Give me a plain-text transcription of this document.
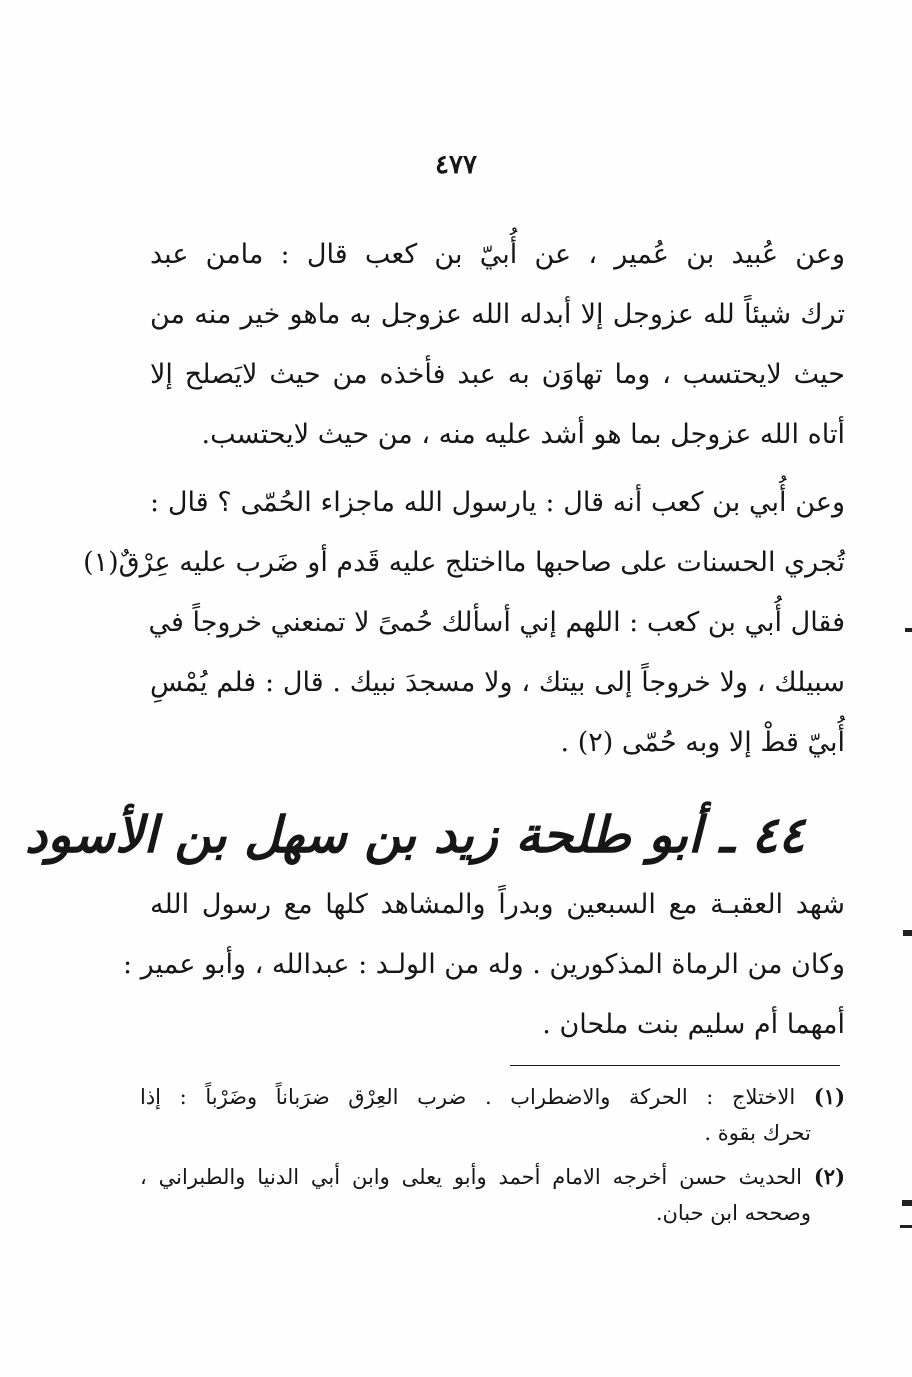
٤٧٧
وعن عُبيد بن عُمير ، عن أُبيّ بن كعب قال : مامن عبد
ترك شيئاً لله عزوجل إلا أبدله الله عزوجل به ماهو خير منه من
حيث لايحتسب ، وما تهاوَن به عبد فأخذه من حيث لايَصلح إلا
أتاه الله عزوجل بما هو أشد عليه منه ، من حيث لايحتسب.
وعن أُبي بن كعب أنه قال : يارسول الله ماجزاء الحُمّى ؟ قال :
تُجري الحسنات على صاحبها مااختلج عليه قَدم أو ضَرب عليه عِرْقٌ(١)
فقال أُبي بن كعب : اللهم إني أسألك حُمىً لا تمنعني خروجاً في
سبيلك ، ولا خروجاً إلى بيتك ، ولا مسجدَ نبيك . قال : فلم يُمْسِ
أُبيّ قطْ إلا وبه حُمّى (٢) .
٤٤ ـ أبو طلحة زيد بن سهل بن الأسود
شهد العقبـة مع السبعين وبدراً والمشاهد كلها مع رسول الله
وكان من الرماة المذكورين . وله من الولـد : عبدالله ، وأبو عمير :
أمهما أم سليم بنت ملحان .
(١) الاختلاج : الحركة والاضطراب . ضرب العِرْق ضرَباناً وضَرْباً : إذا
تحرك بقوة .
(٢) الحديث حسن أخرجه الامام أحمد وأبو يعلى وابن أبي الدنيا والطبراني ،
وصححه ابن حبان.
